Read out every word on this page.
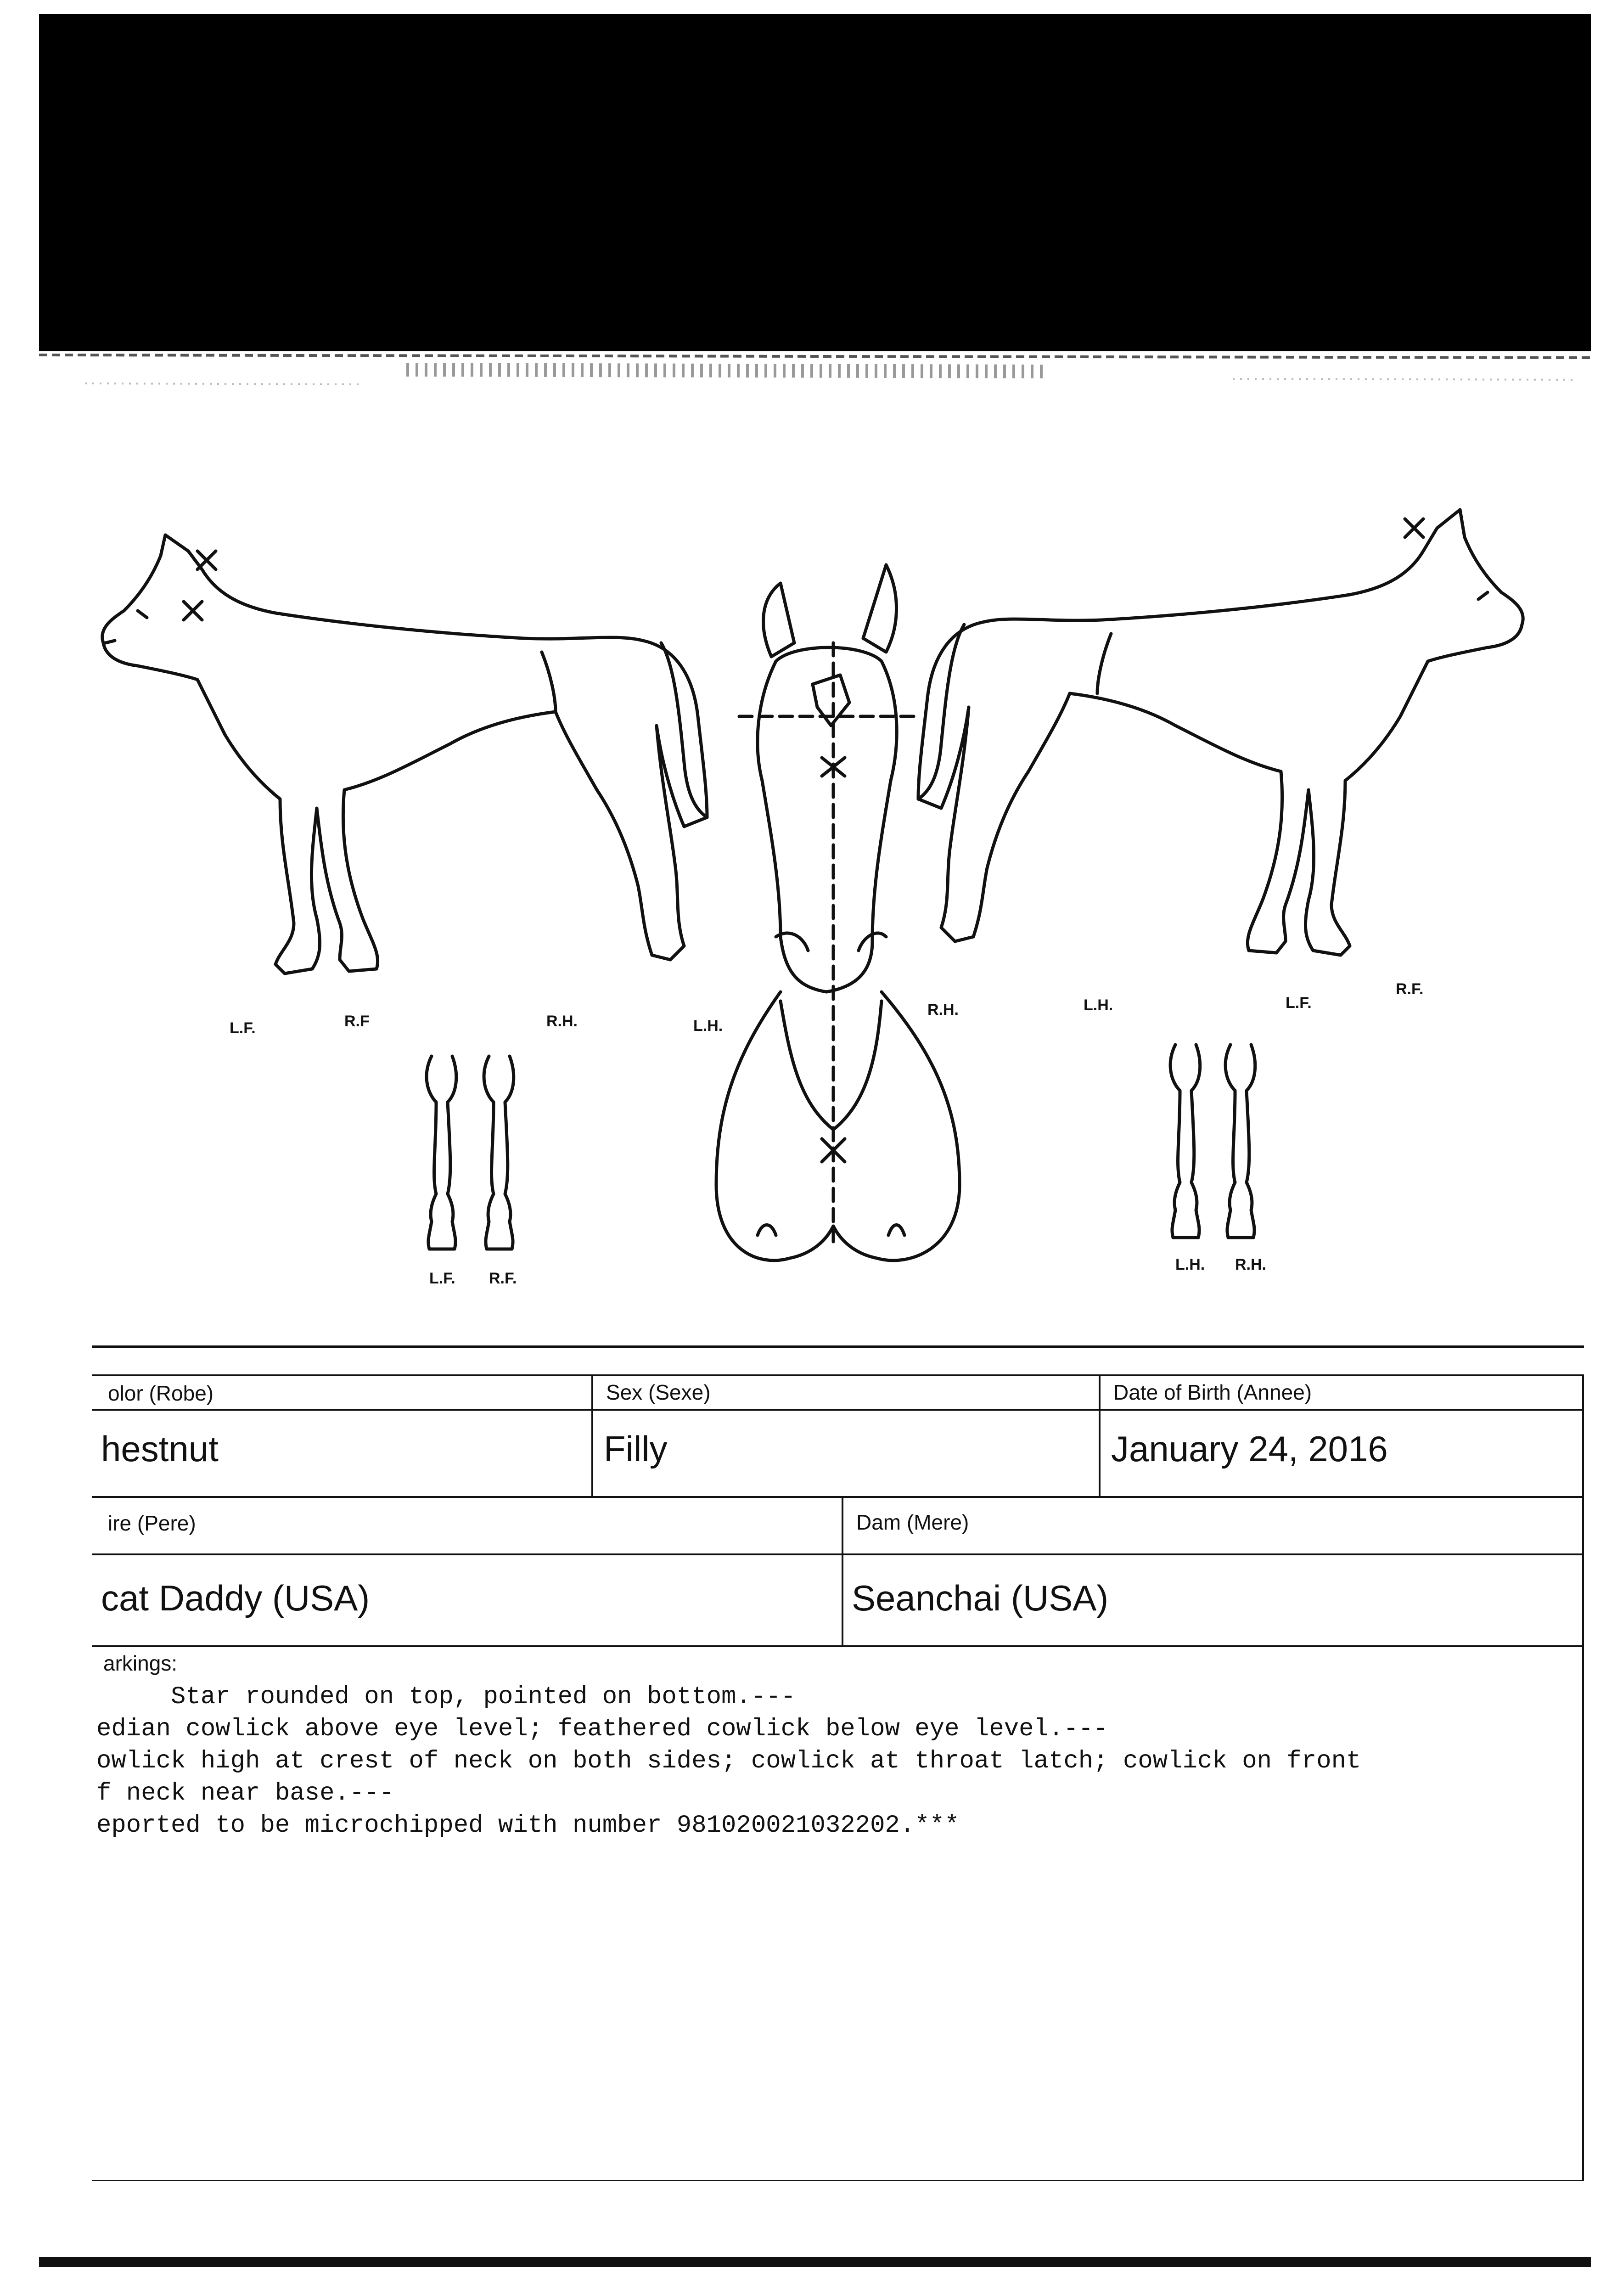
L.F.	R.F	R.H.	L.H.
R.H.	L.H.	L.F.
R.F.
L.F. R.F.
L.H. R.H.
olor (Robe)
hestnut
Sex (Sexe)
Filly
Date of Birth (Annee)
January 24, 2016
ire (Pere)
cat Daddy (USA)
Dam (Mere)
Seanchai (USA)
arkings:
Star rounded on top, pointed on bottom.---
edian cowlick above eye level; feathered cowlick below eye level.---
owlick high at crest of neck on both sides; cowlick at throat latch; cowlick on front
f neck near base.---
eported to be microchipped with number 981020021032202.***
